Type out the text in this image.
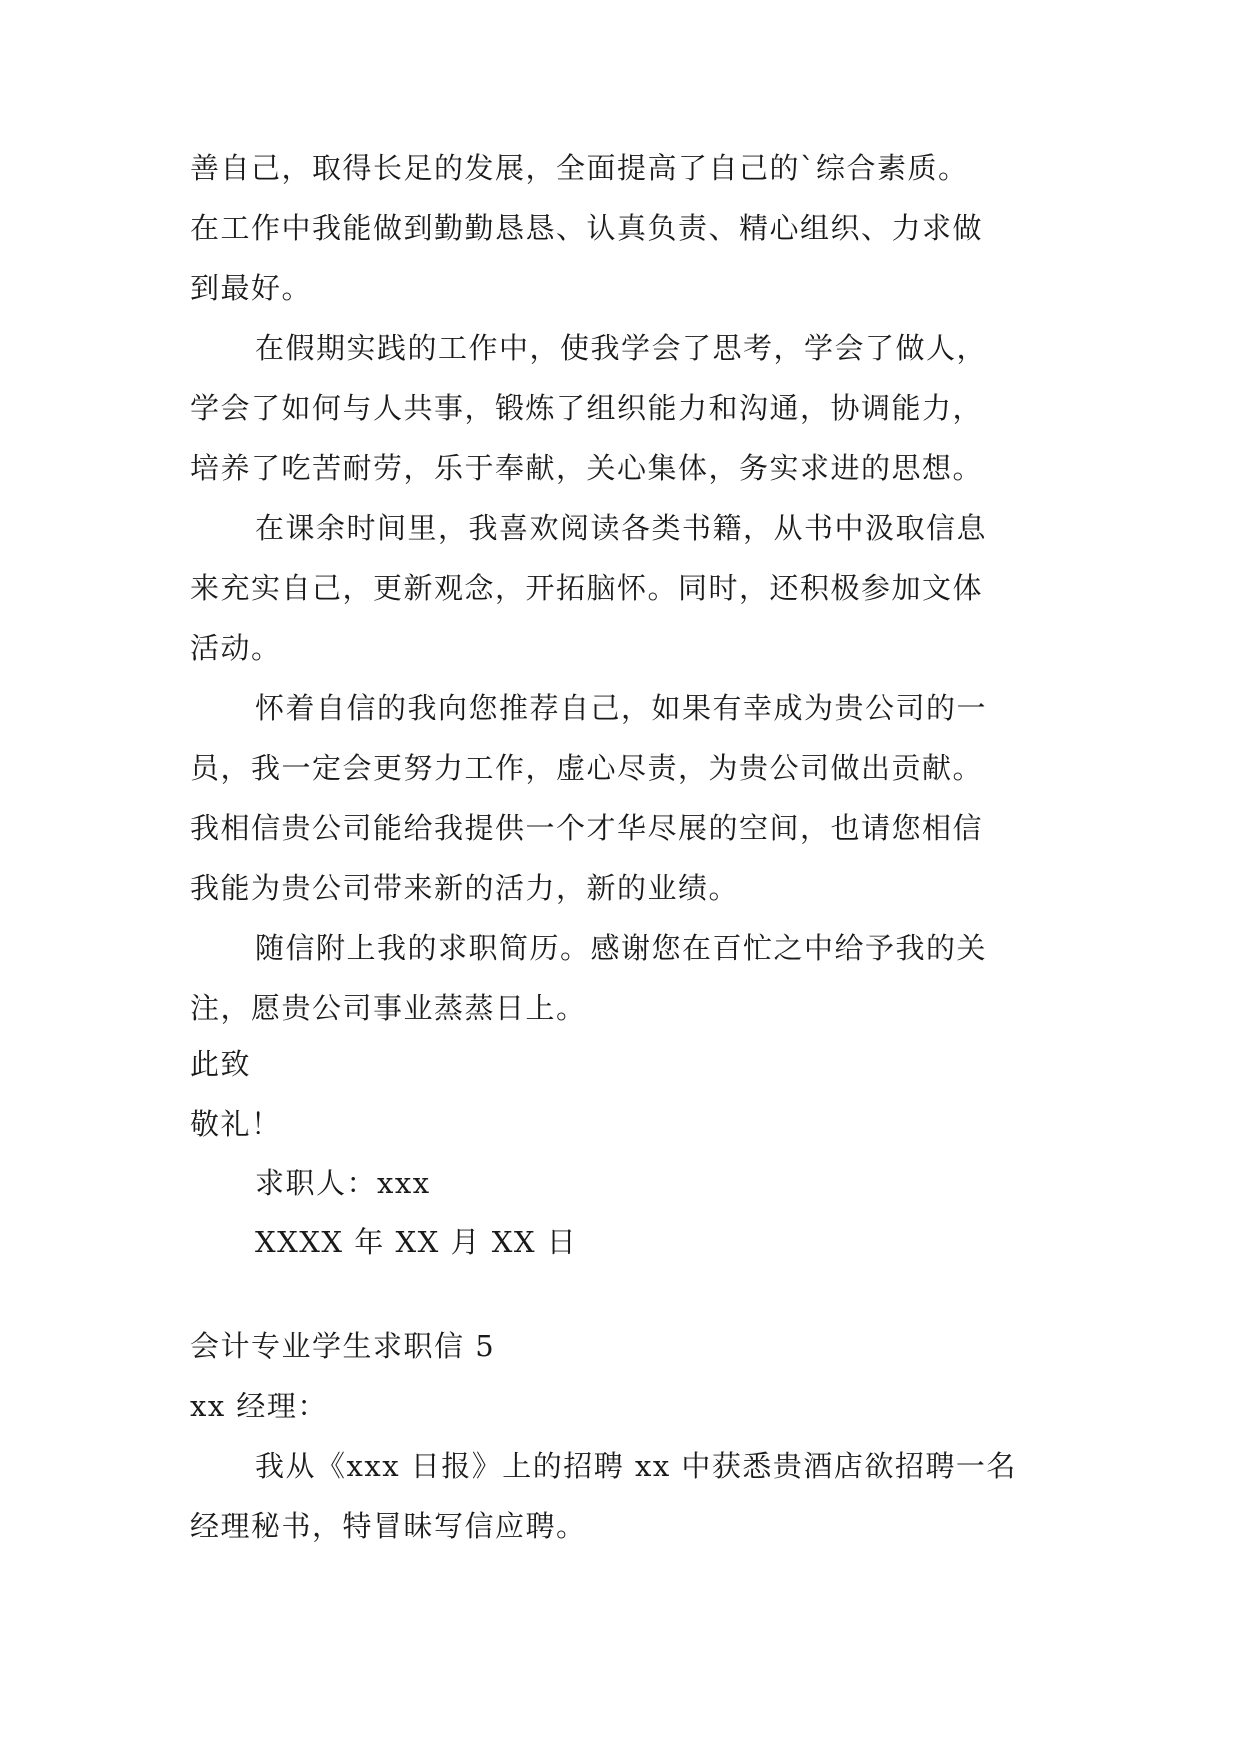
善自己，取得长足的发展，全面提高了自己的`综合素质。
在工作中我能做到勤勤恳恳、认真负责、精心组织、力求做
到最好。
在假期实践的工作中，使我学会了思考，学会了做人，
学会了如何与人共事，锻炼了组织能力和沟通，协调能力，
培养了吃苦耐劳，乐于奉献，关心集体，务实求进的思想。
在课余时间里，我喜欢阅读各类书籍，从书中汲取信息
来充实自己，更新观念，开拓脑怀。同时，还积极参加文体
活动。
怀着自信的我向您推荐自己，如果有幸成为贵公司的一
员，我一定会更努力工作，虚心尽责，为贵公司做出贡献。
我相信贵公司能给我提供一个才华尽展的空间，也请您相信
我能为贵公司带来新的活力，新的业绩。
随信附上我的求职简历。感谢您在百忙之中给予我的关
注，愿贵公司事业蒸蒸日上。
此致
敬礼！
求职人：xxx
XXXX 年 XX 月 XX 日
会计专业学生求职信 5
xx 经理：
我从《xxx 日报》上的招聘 xx 中获悉贵酒店欲招聘一名
经理秘书，特冒昧写信应聘。
